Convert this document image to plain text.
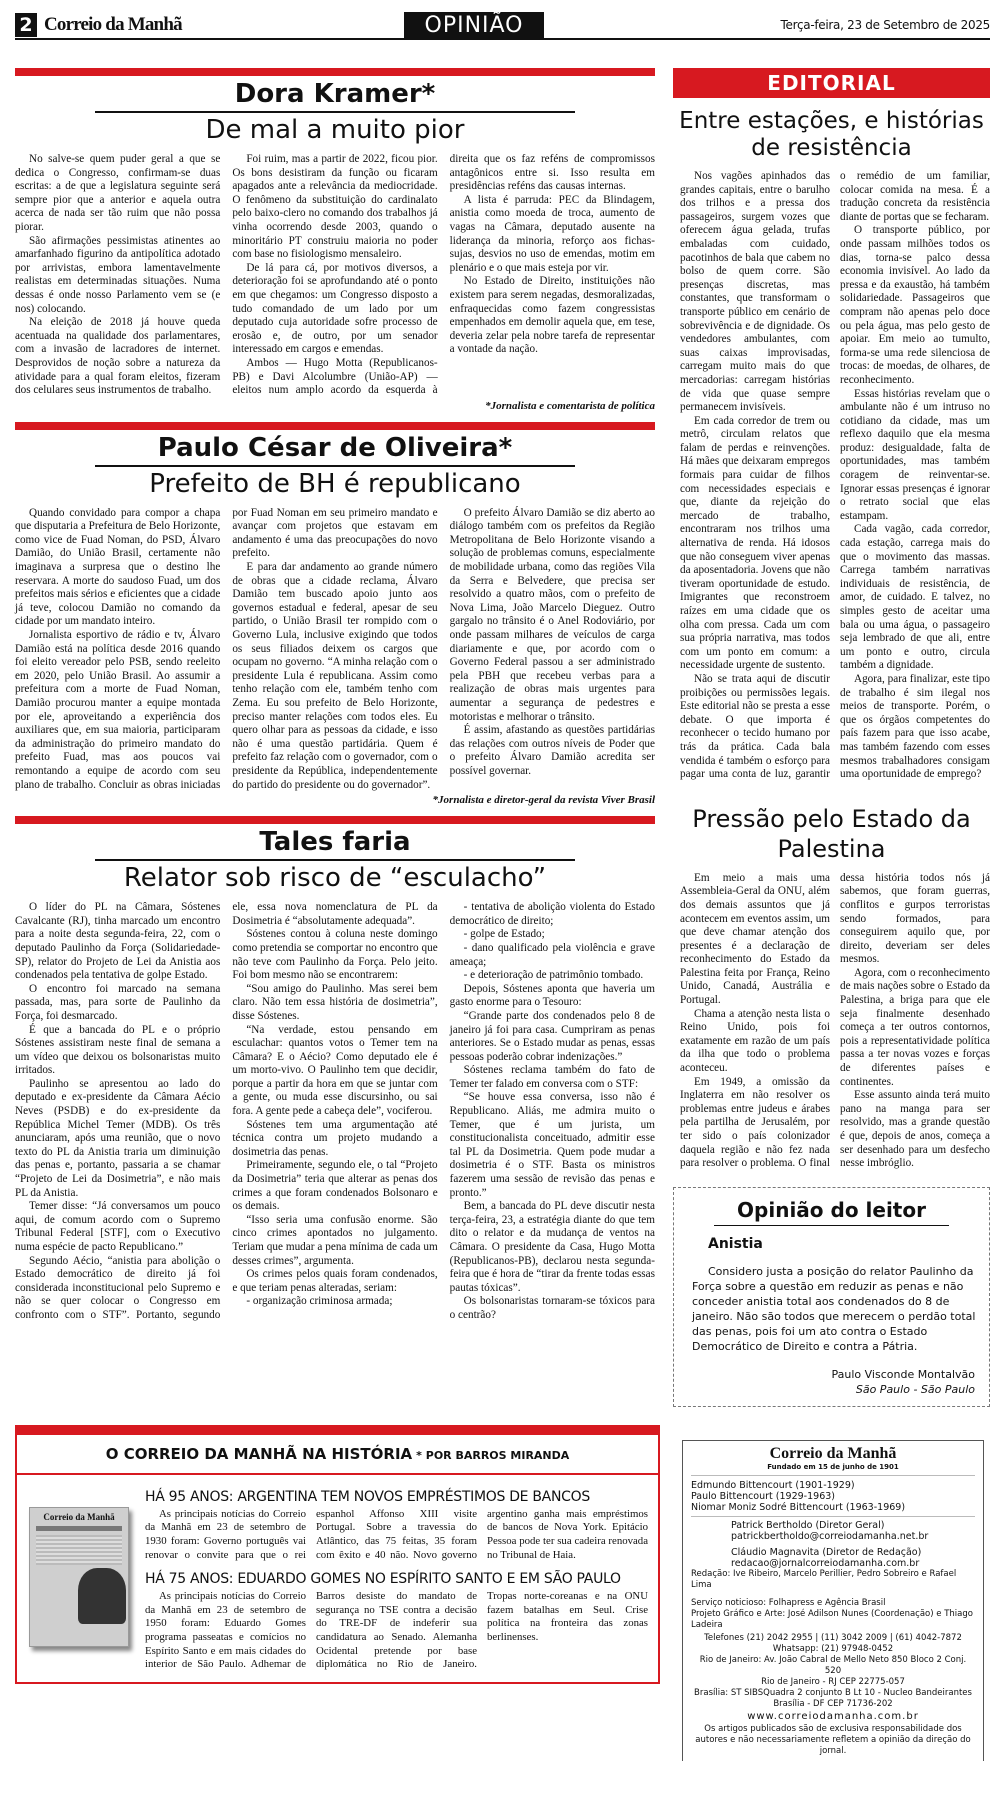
2 Correio da Manhã	OPINIÃO	Terça-feira, 23 de Setembro de 2025
Dora Kramer*
De mal a muito pior

No salve-se quem puder geral a que se dedica o Congresso, confirmam-se duas escritas: a de que a legislatura seguinte será sempre pior que a anterior e aquela outra acerca de nada ser tão ruim que não possa piorar.

São afirmações pessimistas atinentes ao amarfanhado figurino da antipolítica adotado por arrivistas, embora lamentavelmente realistas em determinadas situações. Numa dessas é onde nosso Parlamento vem se (e nos) colocando.

Na eleição de 2018 já houve queda acentuada na qualidade dos parlamentares, com a invasão de lacradores de internet. Desprovidos de noção sobre a natureza da atividade para a qual foram eleitos, fizeram dos celulares seus instrumentos de trabalho.

Foi ruim, mas a partir de 2022, ficou pior. Os bons desistiram da função ou ficaram apagados ante a relevância da mediocridade. O fenômeno da substituição do cardinalato pelo baixo-clero no comando dos trabalhos já vinha ocorrendo desde 2003, quando o minoritário PT construiu maioria no poder com base no fisiologismo mensaleiro.

De lá para cá, por motivos diversos, a deterioração foi se aprofundando até o ponto em que chegamos: um Congresso disposto a tudo comandado de um lado por um deputado cuja autoridade sofre processo de erosão e, de outro, por um senador interessado em cargos e emendas.

Ambos — Hugo Motta (Republicanos-PB) e Davi Alcolumbre (União-AP) — eleitos num amplo acordo da esquerda à direita que os faz reféns de compromissos antagônicos entre si. Isso resulta em presidências reféns das causas internas.

A lista é parruda: PEC da Blindagem, anistia como moeda de troca, aumento de vagas na Câmara, deputado ausente na liderança da minoria, reforço aos fichas-sujas, desvios no uso de emendas, motim em plenário e o que mais esteja por vir.

No Estado de Direito, instituições não existem para serem negadas, desmoralizadas, enfraquecidas como fazem congressistas empenhados em demolir aquela que, em tese, deveria zelar pela nobre tarefa de representar a vontade da nação.

*Jornalista e comentarista de política
Paulo César de Oliveira*
Prefeito de BH é republicano

Quando convidado para compor a chapa que disputaria a Prefeitura de Belo Horizonte, como vice de Fuad Noman, do PSD, Álvaro Damião, do União Brasil, certamente não imaginava a surpresa que o destino lhe reservara. A morte do saudoso Fuad, um dos prefeitos mais sérios e eficientes que a cidade já teve, colocou Damião no comando da cidade por um mandato inteiro.

Jornalista esportivo de rádio e tv, Álvaro Damião está na política desde 2016 quando foi eleito vereador pelo PSB, sendo reeleito em 2020, pelo União Brasil. Ao assumir a prefeitura com a morte de Fuad Noman, Damião procurou manter a equipe montada por ele, aproveitando a experiência dos auxiliares que, em sua maioria, participaram da administração do primeiro mandato do prefeito Fuad, mas aos poucos vai remontando a equipe de acordo com seu plano de trabalho. Concluir as obras iniciadas por Fuad Noman em seu primeiro mandato e avançar com projetos que estavam em andamento é uma das preocupações do novo prefeito.

E para dar andamento ao grande número de obras que a cidade reclama, Álvaro Damião tem buscado apoio junto aos governos estadual e federal, apesar de seu partido, o União Brasil ter rompido com o Governo Lula, inclusive exigindo que todos os seus filiados deixem os cargos que ocupam no governo. “A minha relação com o presidente Lula é republicana. Assim como tenho relação com ele, também tenho com Zema. Eu sou prefeito de Belo Horizonte, preciso manter relações com todos eles. Eu quero olhar para as pessoas da cidade, e isso não é uma questão partidária. Quem é prefeito faz relação com o governador, com o presidente da República, independentemente do partido do presidente ou do governador”.

O prefeito Álvaro Damião se diz aberto ao diálogo também com os prefeitos da Região Metropolitana de Belo Horizonte visando a solução de problemas comuns, especialmente de mobilidade urbana, como das regiões Vila da Serra e Belvedere, que precisa ser resolvido a quatro mãos, com o prefeito de Nova Lima, João Marcelo Dieguez. Outro gargalo no trânsito é o Anel Rodoviário, por onde passam milhares de veículos de carga diariamente e que, por acordo com o Governo Federal passou a ser administrado pela PBH que recebeu verbas para a realização de obras mais urgentes para aumentar a segurança de pedestres e motoristas e melhorar o trânsito.

É assim, afastando as questões partidárias das relações com outros níveis de Poder que o prefeito Álvaro Damião acredita ser possível governar.

*Jornalista e diretor-geral da revista Viver Brasil
Tales faria
Relator sob risco de “esculacho”

O líder do PL na Câmara, Sóstenes Cavalcante (RJ), tinha marcado um encontro para a noite desta segunda-feira, 22, com o deputado Paulinho da Força (Solidariedade-SP), relator do Projeto de Lei da Anistia aos condenados pela tentativa de golpe Estado.

O encontro foi marcado na semana passada, mas, para sorte de Paulinho da Força, foi desmarcado.

É que a bancada do PL e o próprio Sóstenes assistiram neste final de semana a um vídeo que deixou os bolsonaristas muito irritados.

Paulinho se apresentou ao lado do deputado e ex-presidente da Câmara Aécio Neves (PSDB) e do ex-presidente da República Michel Temer (MDB). Os três anunciaram, após uma reunião, que o novo texto do PL da Anistia traria um diminuição das penas e, portanto, passaria a se chamar “Projeto de Lei da Dosimetria”, e não mais PL da Anistia.

Temer disse: “Já conversamos um pouco aqui, de comum acordo com o Supremo Tribunal Federal [STF], com o Executivo numa espécie de pacto Republicano.”

Segundo Aécio, “anistia para abolição o Estado democrático de direito já foi considerada inconstitucional pelo Supremo e não se quer colocar o Congresso em confronto com o STF”. Portanto, segundo ele, essa nova nomenclatura de PL da Dosimetria é “absolutamente adequada”.

Sóstenes contou à coluna neste domingo como pretendia se comportar no encontro que não teve com Paulinho da Força. Pelo jeito. Foi bom mesmo não se encontrarem:

“Sou amigo do Paulinho. Mas serei bem claro. Não tem essa história de dosimetria”, disse Sóstenes.

“Na verdade, estou pensando em esculachar: quantos votos o Temer tem na Câmara? E o Aécio? Como deputado ele é um morto-vivo. O Paulinho tem que decidir, porque a partir da hora em que se juntar com a gente, ou muda esse discursinho, ou sai fora. A gente pede a cabeça dele”, vociferou.

Sóstenes tem uma argumentação até técnica contra um projeto mudando a dosimetria das penas.

Primeiramente, segundo ele, o tal “Projeto da Dosimetria” teria que alterar as penas dos crimes a que foram condenados Bolsonaro e os demais.

“Isso seria uma confusão enorme. São cinco crimes apontados no julgamento. Teriam que mudar a pena mínima de cada um desses crimes”, argumenta.

Os crimes pelos quais foram condenados, e que teriam penas alteradas, seriam:

- organização criminosa armada;

- tentativa de abolição violenta do Estado democrático de direito;

- golpe de Estado;

- dano qualificado pela violência e grave ameaça;

- e deterioração de patrimônio tombado.

Depois, Sóstenes aponta que haveria um gasto enorme para o Tesouro:

“Grande parte dos condenados pelo 8 de janeiro já foi para casa. Cumpriram as penas anteriores. Se o Estado mudar as penas, essas pessoas poderão cobrar indenizações.”

Sóstenes reclama também do fato de Temer ter falado em conversa com o STF:

“Se houve essa conversa, isso não é Republicano. Aliás, me admira muito o Temer, que é um jurista, um constitucionalista conceituado, admitir esse tal PL da Dosimetria. Quem pode mudar a dosimetria é o STF. Basta os ministros fazerem uma sessão de revisão das penas e pronto.”

Bem, a bancada do PL deve discutir nesta terça-feira, 23, a estratégia diante do que tem dito o relator e da mudança de ventos na Câmara. O presidente da Casa, Hugo Motta (Republicanos-PB), declarou nesta segunda-feira que é hora de “tirar da frente todas essas pautas tóxicas”.

Os bolsonaristas tornaram-se tóxicos para o centrão?

EDITORIAL
Entre estações, e histórias de resistência

Nos vagões apinhados das grandes capitais, entre o barulho dos trilhos e a pressa dos passageiros, surgem vozes que oferecem água gelada, trufas embaladas com cuidado, pacotinhos de bala que cabem no bolso de quem corre. São presenças discretas, mas constantes, que transformam o transporte público em cenário de sobrevivência e de dignidade. Os vendedores ambulantes, com suas caixas improvisadas, carregam muito mais do que mercadorias: carregam histórias de vida que quase sempre permanecem invisíveis.

Em cada corredor de trem ou metrô, circulam relatos que falam de perdas e reinvenções. Há mães que deixaram empregos formais para cuidar de filhos com necessidades especiais e que, diante da rejeição do mercado de trabalho, encontraram nos trilhos uma alternativa de renda. Há idosos que não conseguem viver apenas da aposentadoria. Jovens que não tiveram oportunidade de estudo. Imigrantes que reconstroem raízes em uma cidade que os olha com pressa. Cada um com sua própria narrativa, mas todos com um ponto em comum: a necessidade urgente de sustento.

Não se trata aqui de discutir proibições ou permissões legais. Este editorial não se presta a esse debate. O que importa é reconhecer o tecido humano por trás da prática. Cada bala vendida é também o esforço para pagar uma conta de luz, garantir o remédio de um familiar, colocar comida na mesa. É a tradução concreta da resistência diante de portas que se fecharam.

O transporte público, por onde passam milhões todos os dias, torna-se palco dessa economia invisível. Ao lado da pressa e da exaustão, há também solidariedade. Passageiros que compram não apenas pelo doce ou pela água, mas pelo gesto de apoiar. Em meio ao tumulto, forma-se uma rede silenciosa de trocas: de moedas, de olhares, de reconhecimento.

Essas histórias revelam que o ambulante não é um intruso no cotidiano da cidade, mas um reflexo daquilo que ela mesma produz: desigualdade, falta de oportunidades, mas também coragem de reinventar-se. Ignorar essas presenças é ignorar o retrato social que elas estampam.

Cada vagão, cada corredor, cada estação, carrega mais do que o movimento das massas. Carrega também narrativas individuais de resistência, de amor, de cuidado. E talvez, no simples gesto de aceitar uma bala ou uma água, o passageiro seja lembrado de que ali, entre um ponto e outro, circula também a dignidade.

Agora, para finalizar, este tipo de trabalho é sim ilegal nos meios de transporte. Porém, o que os órgãos competentes do país fazem para que isso acabe, mas também fazendo com esses mesmos trabalhadores consigam uma oportunidade de emprego?

Pressão pelo Estado da Palestina

Em meio a mais uma Assembleia-Geral da ONU, além dos demais assuntos que já acontecem em eventos assim, um que deve chamar atenção dos presentes é a declaração de reconhecimento do Estado da Palestina feita por França, Reino Unido, Canadá, Austrália e Portugal.

Chama a atenção nesta lista o Reino Unido, pois foi exatamente em razão de um país da ilha que todo o problema aconteceu.

Em 1949, a omissão da Inglaterra em não resolver os problemas entre judeus e árabes pela partilha de Jerusalém, por ter sido o país colonizador daquela região e não fez nada para resolver o problema. O final dessa história todos nós já sabemos, que foram guerras, conflitos e gurpos terroristas sendo formados, para conseguirem aquilo que, por direito, deveriam ser deles mesmos.

Agora, com o reconhecimento de mais nações sobre o Estado da Palestina, a briga para que ele seja finalmente desenhado começa a ter outros contornos, pois a representatividade política passa a ter novas vozes e forças de diferentes países e continentes.

Esse assunto ainda terá muito pano na manga para ser resolvido, mas a grande questão é que, depois de anos, começa a ser desenhado para um desfecho nesse imbróglio.

Opinião do leitor
Anistia
Considero justa a posição do relator Paulinho da Força sobre a questão em reduzir as penas e não conceder anistia total aos condenados do 8 de janeiro. Não são todos que merecem o perdão total das penas, pois foi um ato contra o Estado Democrático de Direito e contra a Pátria.
Paulo Visconde Montalvão
São Paulo - São Paulo
O CORREIO DA MANHÃ NA HISTÓRIA * POR BARROS MIRANDA
Correio da Manhã
HÁ 95 ANOS: ARGENTINA TEM NOVOS EMPRÉSTIMOS DE BANCOS

As principais notícias do Correio da Manhã em 23 de setembro de 1930 foram: Governo português vai renovar o convite para que o rei espanhol Affonso XIII visite Portugal. Sobre a travessia do Atlântico, das 75 feitas, 35 foram com êxito e 40 não. Novo governo argentino ganha mais empréstimos de bancos de Nova York. Epitácio Pessoa pode ter sua cadeira renovada no Tribunal de Haia.

HÁ 75 ANOS: EDUARDO GOMES NO ESPÍRITO SANTO E EM SÃO PAULO

As principais notícias do Correio da Manhã em 23 de setembro de 1950 foram: Eduardo Gomes programa passeatas e comícios no Espírito Santo e em mais cidades do interior de São Paulo. Adhemar de Barros desiste do mandato de segurança no TSE contra a decisão do TRE-DF de indeferir sua candidatura ao Senado. Alemanha Ocidental pretende por base diplomática no Rio de Janeiro. Tropas norte-coreanas e na ONU fazem batalhas em Seul. Crise política na fronteira das zonas berlinenses.

Correio da Manhã
Fundado em 15 de junho de 1901
Edmundo Bittencourt (1901-1929)
Paulo Bittencourt (1929-1963)
Niomar Moniz Sodré Bittencourt (1963-1969)
Patrick Bertholdo (Diretor Geral)
patrickbertholdo@correiodamanha.net.br
Cláudio Magnavita (Diretor de Redação)
redacao@jornalcorreiodamanha.com.br
Redação: Ive Ribeiro, Marcelo Perillier, Pedro Sobreiro e Rafael Lima
Serviço noticioso: Folhapress e Agência Brasil
Projeto Gráfico e Arte: José Adilson Nunes (Coordenação) e Thiago Ladeira
Telefones (21) 2042 2955 | (11) 3042 2009 | (61) 4042-7872
Whatsapp: (21) 97948-0452
Rio de Janeiro: Av. João Cabral de Mello Neto 850 Bloco 2 Conj. 520
Rio de Janeiro - RJ CEP 22775-057
Brasília: ST SIBSQuadra 2 conjunto B Lt 10 - Nucleo Bandeirantes
Brasília - DF CEP 71736-202
www.correiodamanha.com.br
Os artigos publicados são de exclusiva responsabilidade dos autores e não necessariamente refletem a opinião da direção do jornal.
